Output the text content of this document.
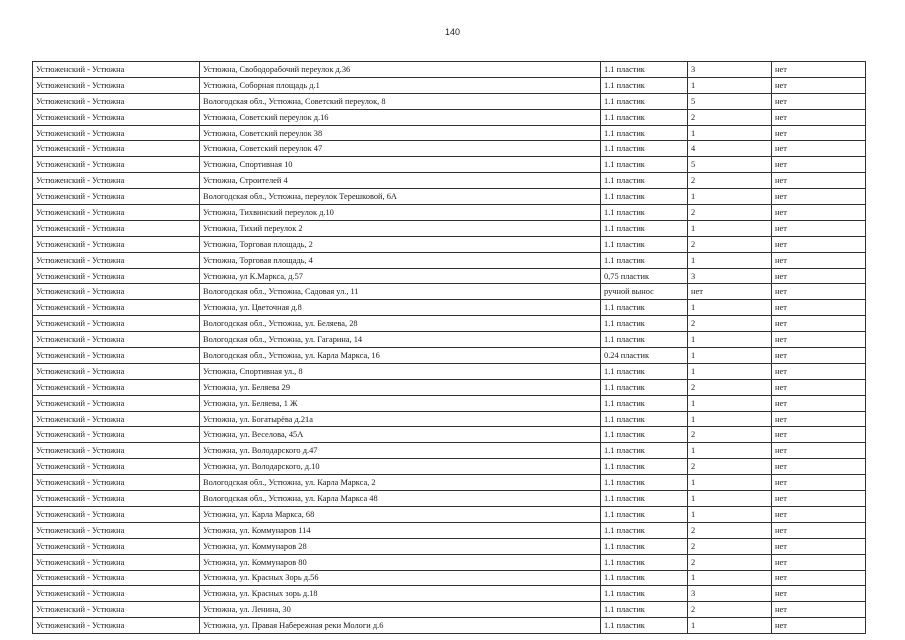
140
Устюженский - Устюжна	Устюжна, Свободорабочий переулок д.36	1.1 пластик	3	нет
Устюженский - Устюжна	Устюжна, Соборная площадь д.1	1.1 пластик	1	нет
Устюженский - Устюжна	Вологодская обл., Устюжна, Советский переулок, 8	1.1 пластик	5	нет
Устюженский - Устюжна	Устюжна, Советский переулок д.16	1.1 пластик	2	нет
Устюженский - Устюжна	Устюжна, Советский переулок 38	1.1 пластик	1	нет
Устюженский - Устюжна	Устюжна, Советский переулок 47	1.1 пластик	4	нет
Устюженский - Устюжна	Устюжна, Спортивная 10	1.1 пластик	5	нет
Устюженский - Устюжна	Устюжна, Строителей 4	1.1 пластик	2	нет
Устюженский - Устюжна	Вологодская обл., Устюжна, переулок Терешковой, 6А	1.1 пластик	1	нет
Устюженский - Устюжна	Устюжна, Тихвинский переулок д.10	1.1 пластик	2	нет
Устюженский - Устюжна	Устюжна, Тихий переулок 2	1.1 пластик	1	нет
Устюженский - Устюжна	Устюжна, Торговая площадь, 2	1.1 пластик	2	нет
Устюженский - Устюжна	Устюжна, Торговая площадь, 4	1.1 пластик	1	нет
Устюженский - Устюжна	Устюжна, ул К.Маркса, д.57	0,75 пластик	3	нет
Устюженский - Устюжна	Вологодская обл., Устюжна, Садовая ул., 11	ручной вынос	нет	нет
Устюженский - Устюжна	Устюжна, ул. Цветочная д.8	1.1 пластик	1	нет
Устюженский - Устюжна	Вологодская обл., Устюжна, ул. Беляева, 28	1.1 пластик	2	нет
Устюженский - Устюжна	Вологодская обл., Устюжна, ул. Гагарина, 14	1.1 пластик	1	нет
Устюженский - Устюжна	Вологодская обл., Устюжна, ул. Карла Маркса, 16	0.24 пластик	1	нет
Устюженский - Устюжна	Устюжна, Спортивная ул., 8	1.1 пластик	1	нет
Устюженский - Устюжна	Устюжна, ул. Беляева 29	1.1 пластик	2	нет
Устюженский - Устюжна	Устюжна, ул. Беляева, 1 Ж	1.1 пластик	1	нет
Устюженский - Устюжна	Устюжна, ул. Богатырёва д.21а	1.1 пластик	1	нет
Устюженский - Устюжна	Устюжна, ул. Веселова, 45А	1.1 пластик	2	нет
Устюженский - Устюжна	Устюжна, ул. Володарского д.47	1.1 пластик	1	нет
Устюженский - Устюжна	Устюжна, ул. Володарского, д.10	1.1 пластик	2	нет
Устюженский - Устюжна	Вологодская обл., Устюжна, ул. Карла Маркса, 2	1.1 пластик	1	нет
Устюженский - Устюжна	Вологодская обл., Устюжна, ул. Карла Маркса 48	1.1 пластик	1	нет
Устюженский - Устюжна	Устюжна, ул. Карла Маркса, 68	1.1 пластик	1	нет
Устюженский - Устюжна	Устюжна, ул. Коммунаров 114	1.1 пластик	2	нет
Устюженский - Устюжна	Устюжна, ул. Коммунаров 28	1.1 пластик	2	нет
Устюженский - Устюжна	Устюжна, ул. Коммунаров 80	1.1 пластик	2	нет
Устюженский - Устюжна	Устюжна, ул. Красных Зорь д.56	1.1 пластик	1	нет
Устюженский - Устюжна	Устюжна, ул. Красных зорь д.18	1.1 пластик	3	нет
Устюженский - Устюжна	Устюжна, ул. Ленина, 30	1.1 пластик	2	нет
Устюженский - Устюжна	Устюжна, ул. Правая Набережная реки Мологи д.6	1.1 пластик	1	нет
